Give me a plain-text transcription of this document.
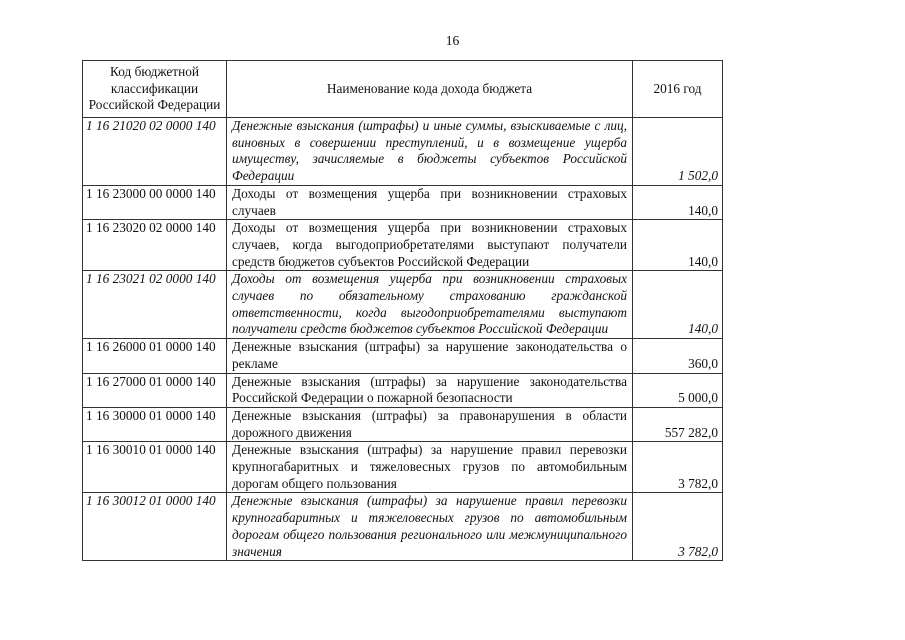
16
Код бюджетной классификации Российской Федерации	Наименование кода дохода бюджета	2016 год
1 16 21020 02 0000 140	Денежные взыскания (штрафы) и иные суммы, взыскиваемые с лиц, виновных в совершении преступлений, и в возмещение ущерба имуществу, зачисляемые в бюджеты субъектов Российской Федерации	1 502,0
1 16 23000 00 0000 140	Доходы от возмещения ущерба при возникновении страховых случаев	140,0
1 16 23020 02 0000 140	Доходы от возмещения ущерба при возникновении страховых случаев, когда выгодоприобретателями выступают получатели средств бюджетов субъектов Российской Федерации	140,0
1 16 23021 02 0000 140	Доходы от возмещения ущерба при возникновении страховых случаев по обязательному страхованию гражданской ответственности, когда выгодоприобретателями выступают получатели средств бюджетов субъектов Российской Федерации	140,0
1 16 26000 01 0000 140	Денежные взыскания (штрафы) за нарушение законодательства о рекламе	360,0
1 16 27000 01 0000 140	Денежные взыскания (штрафы) за нарушение законодательства Российской Федерации о пожарной безопасности	5 000,0
1 16 30000 01 0000 140	Денежные взыскания (штрафы) за правонарушения в области дорожного движения	557 282,0
1 16 30010 01 0000 140	Денежные взыскания (штрафы) за нарушение правил перевозки крупногабаритных и тяжеловесных грузов по автомобильным дорогам общего пользования	3 782,0
1 16 30012 01 0000 140	Денежные взыскания (штрафы) за нарушение правил перевозки крупногабаритных и тяжеловесных грузов по автомобильным дорогам общего пользования регионального или межмуниципального значения	3 782,0
